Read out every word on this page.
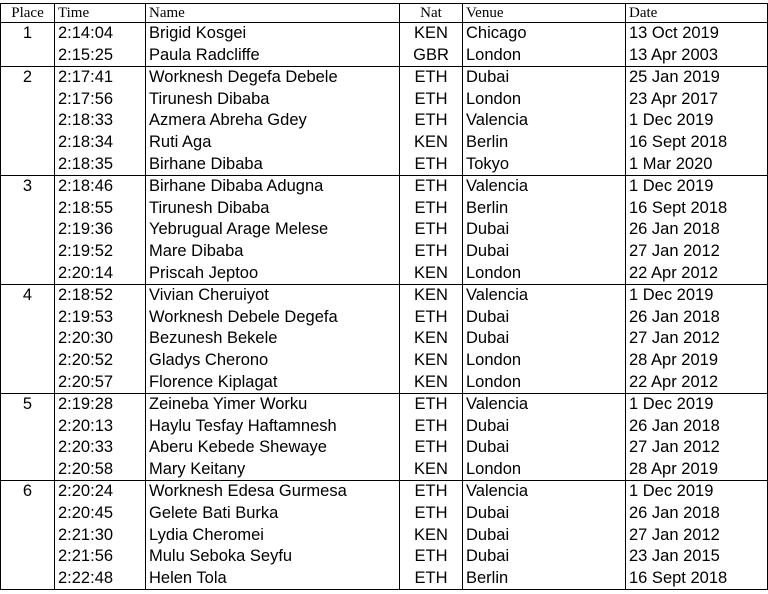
Place	Time	Name	Nat	Venue	Date
1	2:14:04	Brigid Kosgei	KEN	Chicago	13 Oct 2019
	2:15:25	Paula Radcliffe	GBR	London	13 Apr 2003
2	2:17:41	Worknesh Degefa Debele	ETH	Dubai	25 Jan 2019
	2:17:56	Tirunesh Dibaba	ETH	London	23 Apr 2017
	2:18:33	Azmera Abreha Gdey	ETH	Valencia	1 Dec 2019
	2:18:34	Ruti Aga	KEN	Berlin	16 Sept 2018
	2:18:35	Birhane Dibaba	ETH	Tokyo	1 Mar 2020
3	2:18:46	Birhane Dibaba Adugna	ETH	Valencia	1 Dec 2019
	2:18:55	Tirunesh Dibaba	ETH	Berlin	16 Sept 2018
	2:19:36	Yebrugual Arage Melese	ETH	Dubai	26 Jan 2018
	2:19:52	Mare Dibaba	ETH	Dubai	27 Jan 2012
	2:20:14	Priscah Jeptoo	KEN	London	22 Apr 2012
4	2:18:52	Vivian Cheruiyot	KEN	Valencia	1 Dec 2019
	2:19:53	Worknesh Debele Degefa	ETH	Dubai	26 Jan 2018
	2:20:30	Bezunesh Bekele	KEN	Dubai	27 Jan 2012
	2:20:52	Gladys Cherono	KEN	London	28 Apr 2019
	2:20:57	Florence Kiplagat	KEN	London	22 Apr 2012
5	2:19:28	Zeineba Yimer Worku	ETH	Valencia	1 Dec 2019
	2:20:13	Haylu Tesfay Haftamnesh	ETH	Dubai	26 Jan 2018
	2:20:33	Aberu Kebede Shewaye	ETH	Dubai	27 Jan 2012
	2:20:58	Mary Keitany	KEN	London	28 Apr 2019
6	2:20:24	Worknesh Edesa Gurmesa	ETH	Valencia	1 Dec 2019
	2:20:45	Gelete Bati Burka	ETH	Dubai	26 Jan 2018
	2:21:30	Lydia Cheromei	KEN	Dubai	27 Jan 2012
	2:21:56	Mulu Seboka Seyfu	ETH	Dubai	23 Jan 2015
	2:22:48	Helen Tola	ETH	Berlin	16 Sept 2018
